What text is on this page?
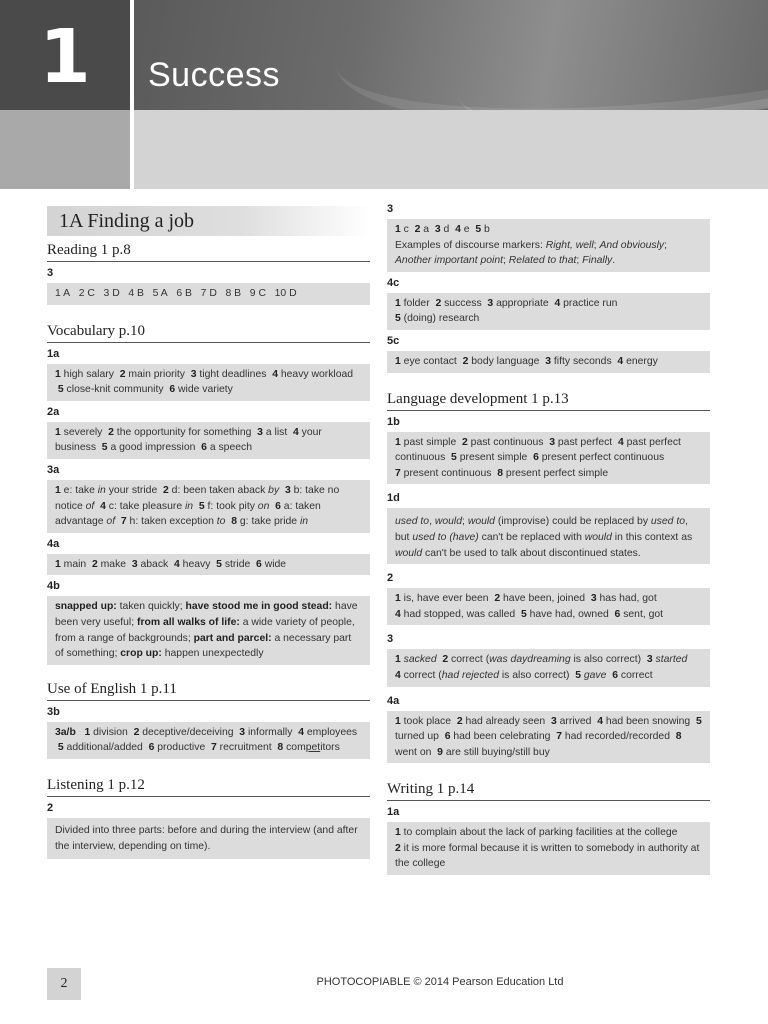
1	Success
1A Finding a job
Reading 1 p.8
3
1 A 2 C 3 D 4 B 5 A 6 B 7 D 8 B 9 C 10 D
Vocabulary p.10
1a
1 high salary  2 main priority  3 tight deadlines  4 heavy workload  5 close-knit community  6 wide variety
2a
1 severely  2 the opportunity for something  3 a list  4 your business  5 a good impression  6 a speech
3a
1 e: take in your stride  2 d: been taken aback by 3 b: take no notice of 4 c: take pleasure in 5 f: took pity on 6 a: taken advantage of 7 h: taken exception to 8 g: take pride in
4a
1 main  2 make  3 aback  4 heavy  5 stride  6 wide
4b
snapped up: taken quickly; have stood me in good stead: have been very useful; from all walks of life: a wide variety of people, from a range of backgrounds; part and parcel: a necessary part of something; crop up: happen unexpectedly
Use of English 1 p.11
3b
3a/b 1 division  2 deceptive/deceiving  3 informally  4 employees  5 additional/added  6 productive  7 recruitment  8 competitors
Listening 1 p.12
2
Divided into three parts: before and during the interview (and after the interview, depending on time).
3
1 c  2 a  3 d  4 e  5 b
Examples of discourse markers: Right, well; And obviously; Another important point; Related to that; Finally.
4c
1 folder  2 success  3 appropriate  4 practice run
5 (doing) research
5c
1 eye contact  2 body language  3 fifty seconds  4 energy
Language development 1 p.13
1b
1 past simple  2 past continuous  3 past perfect  4 past perfect continuous  5 present simple  6 present perfect continuous
7 present continuous  8 present perfect simple
1d
used to, would; would (improvise) could be replaced by used to, but used to (have) can't be replaced with would in this context as would can't be used to talk about discontinued states.
2
1 is, have ever been  2 have been, joined  3 has had, got
4 had stopped, was called  5 have had, owned  6 sent, got
3
1 sacked 2 correct (was daydreaming is also correct)  3 started
4 correct (had rejected is also correct)  5 gave 6 correct
4a
1 took place  2 had already seen  3 arrived  4 had been snowing  5 turned up  6 had been celebrating  7 had recorded/recorded  8 went on  9 are still buying/still buy
Writing 1 p.14
1a
1 to complain about the lack of parking facilities at the college
2 it is more formal because it is written to somebody in authority at the college
2	PHOTOCOPIABLE © 2014 Pearson Education Ltd
